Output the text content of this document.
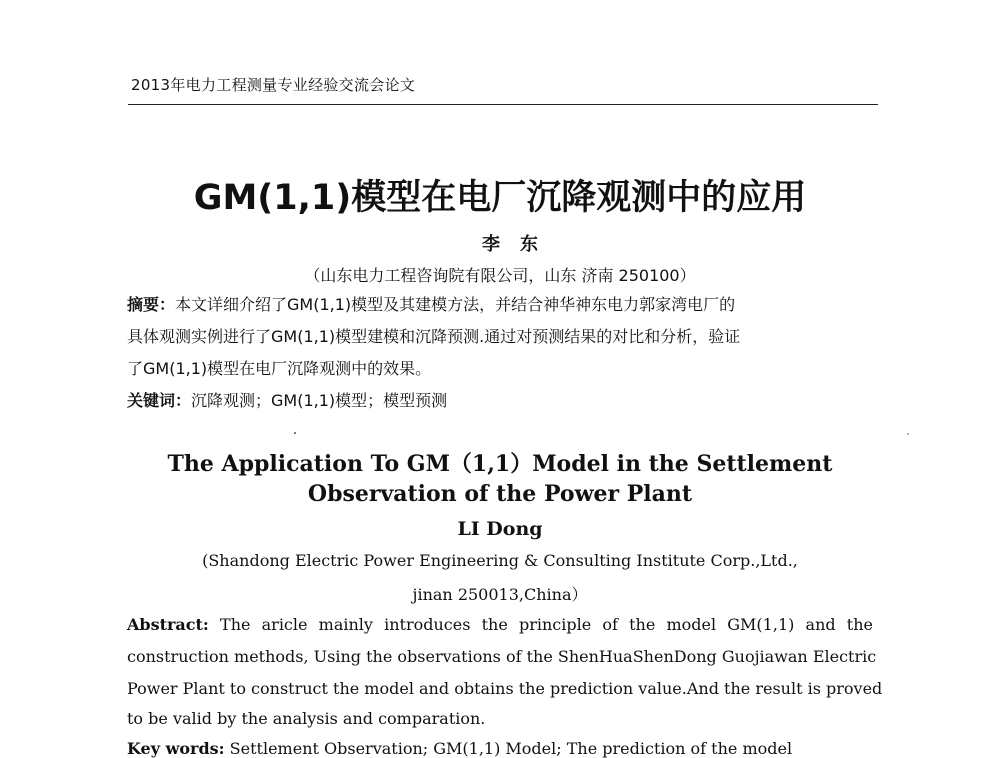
2013年电力工程测量专业经验交流会论文

GM(1,1)模型在电厂沉降观测中的应用

李东

（山东电力工程咨询院有限公司，山东 济南 250100）

摘要：本文详细介绍了GM(1,1)模型及其建模方法，并结合神华神东电力郭家湾电厂的

具体观测实例进行了GM(1,1)模型建模和沉降预测.通过对预测结果的对比和分析，验证

了GM(1,1)模型在电厂沉降观测中的效果。

关键词：沉降观测；GM(1,1)模型；模型预测

The Application To GM（1,1）Model in the Settlement
Observation of the Power Plant

LI Dong

(Shandong Electric Power Engineering & Consulting Institute Corp.,Ltd.,

jinan 250013,China）

Abstract: The aricle mainly introduces the principle of the model GM(1,1) and the

construction methods, Using the observations of the ShenHuaShenDong Guojiawan Electric

Power Plant to construct the model and obtains the prediction value.And the result is proved

to be valid by the analysis and comparation.

Key words: Settlement Observation; GM(1,1) Model; The prediction of the model
